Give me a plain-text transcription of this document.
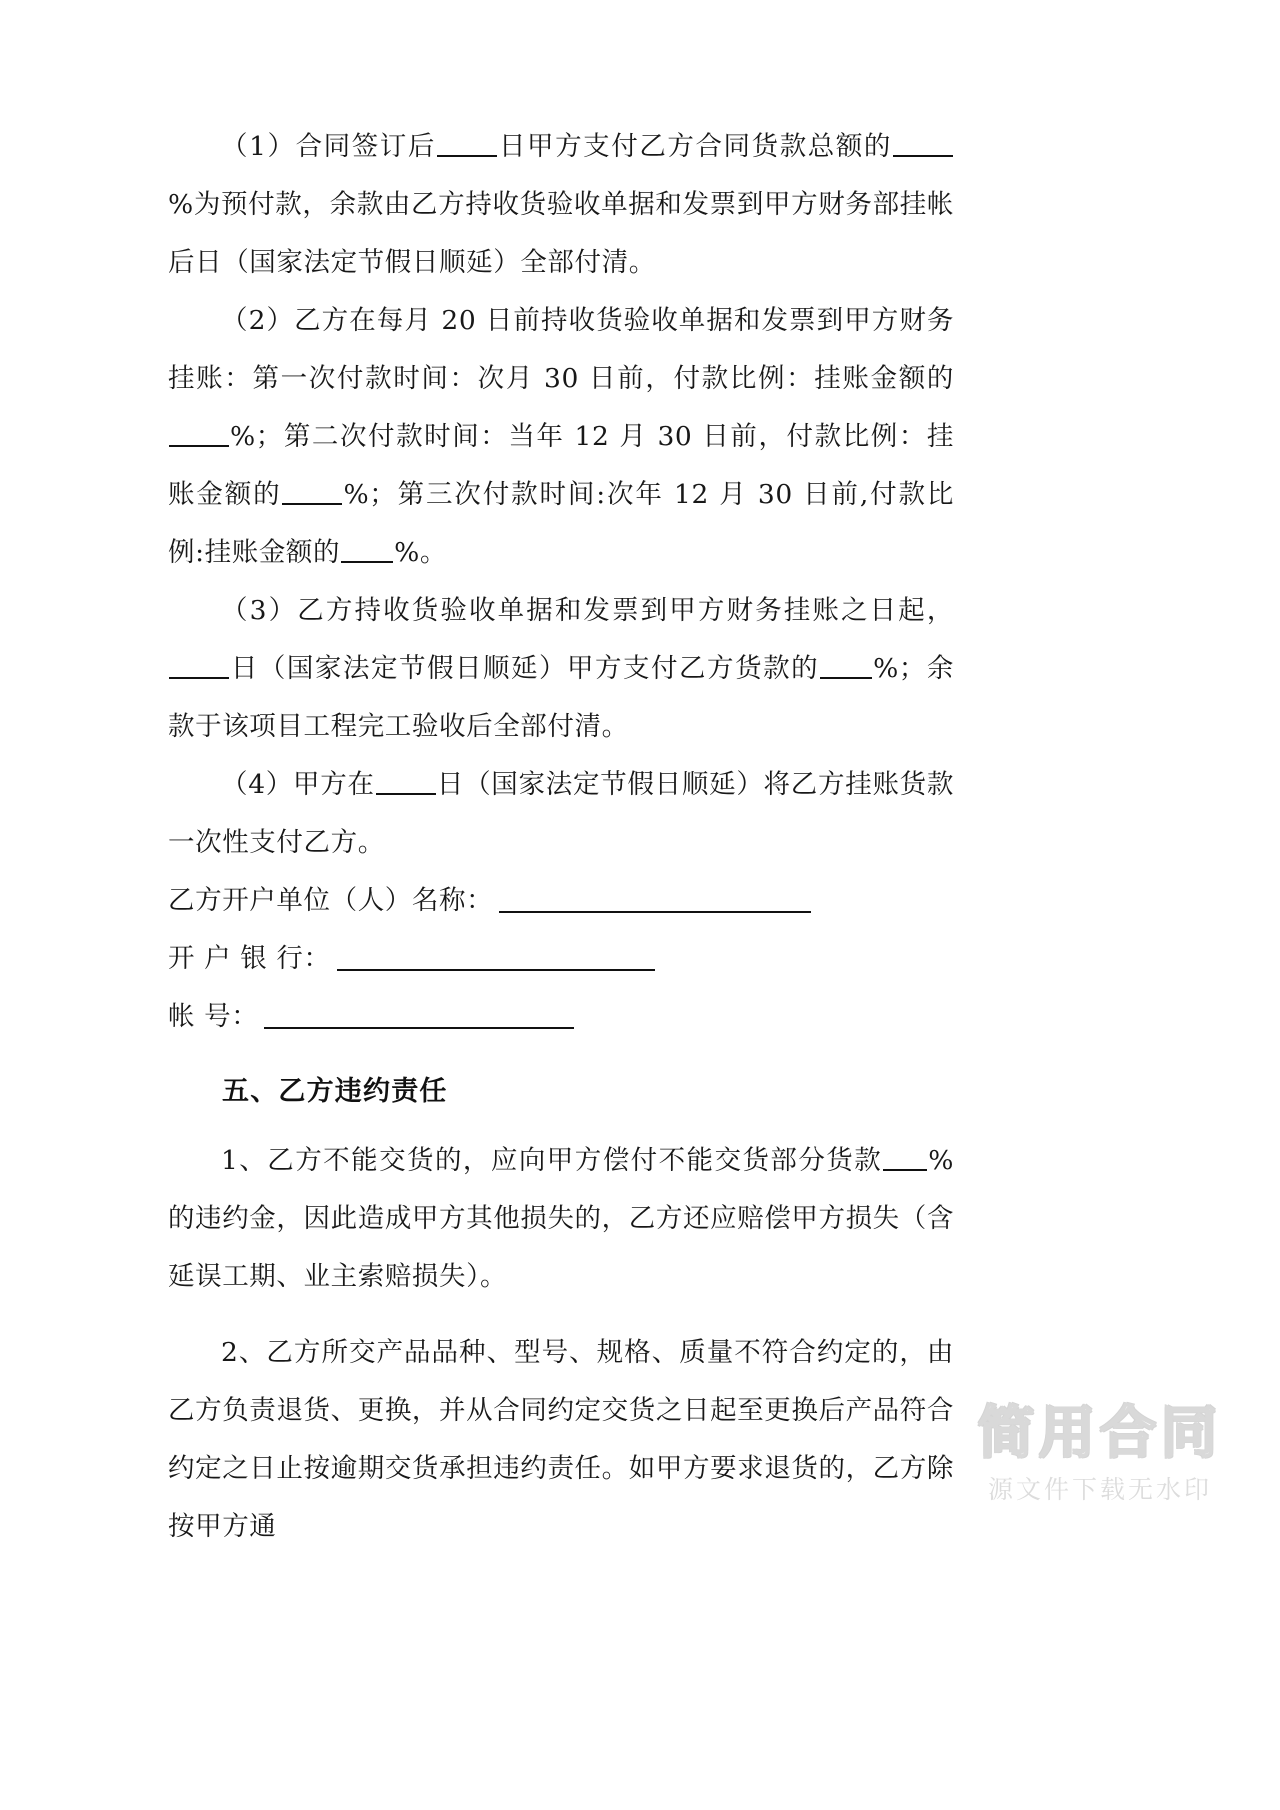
（1）合同签订后 日甲方支付乙方合同货款总额的%为预付款，余款由乙方持收货验收单据和发票到甲方财务部挂帐后日（国家法定节假日顺延）全部付清。

（2）乙方在每月 20 日前持收货验收单据和发票到甲方财务挂账：第一次付款时间：次月 30 日前，付款比例：挂账金额的%；第二次付款时间：当年 12 月 30 日前，付款比例：挂账金额的 %；第三次付款时间:次年 12 月 30 日前,付款比例:挂账金额的 %。

（3）乙方持收货验收单据和发票到甲方财务挂账之日起，日（国家法定节假日顺延）甲方支付乙方货款的 %；余款于该项目工程完工验收后全部付清。

（4）甲方在 日（国家法定节假日顺延）将乙方挂账货款一次性支付乙方。

乙方开户单位（人）名称：
开 户 银 行：
帐 号：

五、乙方违约责任

1、乙方不能交货的，应向甲方偿付不能交货部分货款 %的违约金，因此造成甲方其他损失的，乙方还应赔偿甲方损失（含延误工期、业主索赔损失）。

2、乙方所交产品品种、型号、规格、质量不符合约定的，由乙方负责退货、更换，并从合同约定交货之日起至更换后产品符合约定之日止按逾期交货承担违约责任。如甲方要求退货的，乙方除按甲方通

简用合同
源文件下载无水印
